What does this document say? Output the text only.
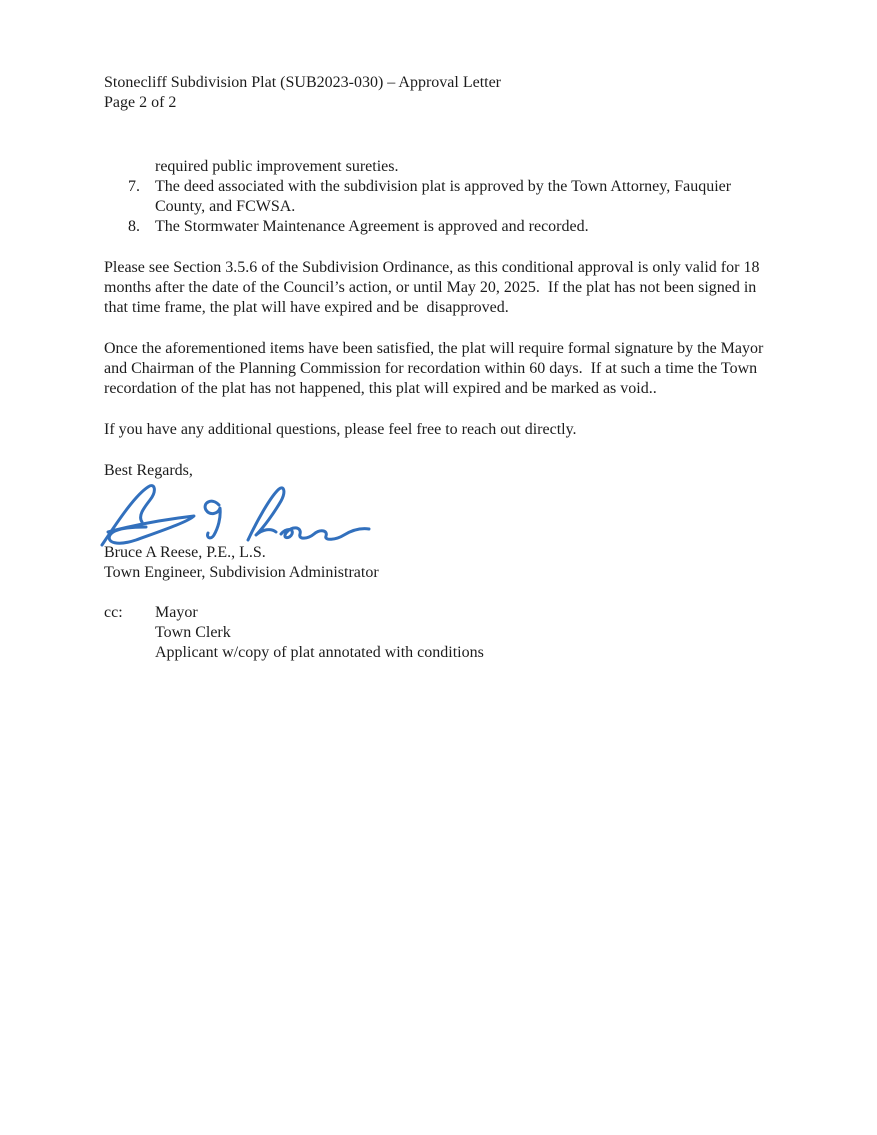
Stonecliff Subdivision Plat (SUB2023-030) – Approval Letter
Page 2 of 2
required public improvement sureties.
7. The deed associated with the subdivision plat is approved by the Town Attorney, Fauquier County, and FCWSA.
8. The Stormwater Maintenance Agreement is approved and recorded.

Please see Section 3.5.6 of the Subdivision Ordinance, as this conditional approval is only valid for 18 months after the date of the Council’s action, or until May 20, 2025.  If the plat has not been signed in that time frame, the plat will have expired and be  disapproved.

Once the aforementioned items have been satisfied, the plat will require formal signature by the Mayor and Chairman of the Planning Commission for recordation within 60 days.  If at such a time the Town recordation of the plat has not happened, this plat will expired and be marked as void..

If you have any additional questions, please feel free to reach out directly.

Best Regards,

Bruce A Reese, P.E., L.S.
Town Engineer, Subdivision Administrator
cc:	Mayor
Town Clerk
Applicant w/copy of plat annotated with conditions
